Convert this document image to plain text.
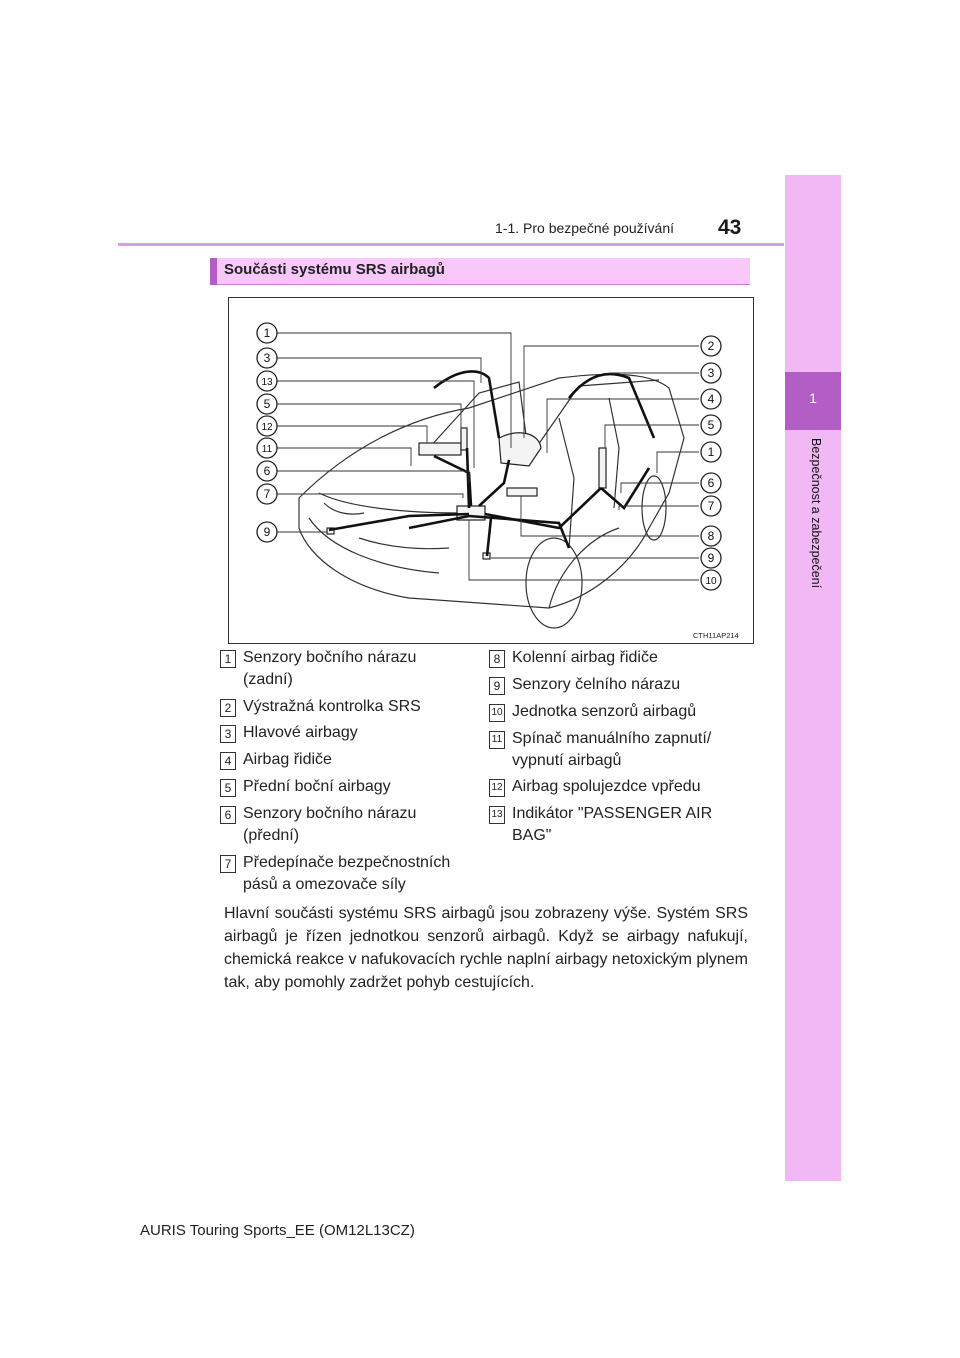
1-1. Pro bezpečné používání 43
1
Bezpečnost a zabezpečení
Součásti systému SRS airbagů
1
3
13
5
12
11
6
7
9
2
3
4
5
1
6
7
8
9
10
CTH11AP214
1 Senzory bočního nárazu
(zadní)
2 Výstražná kontrolka SRS
3 Hlavové airbagy
4 Airbag řidiče
5 Přední boční airbagy
6 Senzory bočního nárazu
(přední)
7 Předepínače bezpečnostních
pásů a omezovače síly
8 Kolenní airbag řidiče
9 Senzory čelního nárazu
10 Jednotka senzorů airbagů
11 Spínač manuálního zapnutí/
vypnutí airbagů
12 Airbag spolujezdce vpředu
13 Indikátor "PASSENGER AIR
BAG"
Hlavní součásti systému SRS airbagů jsou zobrazeny výše. Systém SRS airbagů je řízen jednotkou senzorů airbagů. Když se airbagy nafukují, chemická reakce v nafukovacích rychle naplní airbagy netoxickým plynem tak, aby pomohly zadržet pohyb cestujících.
AURIS Touring Sports_EE (OM12L13CZ)
